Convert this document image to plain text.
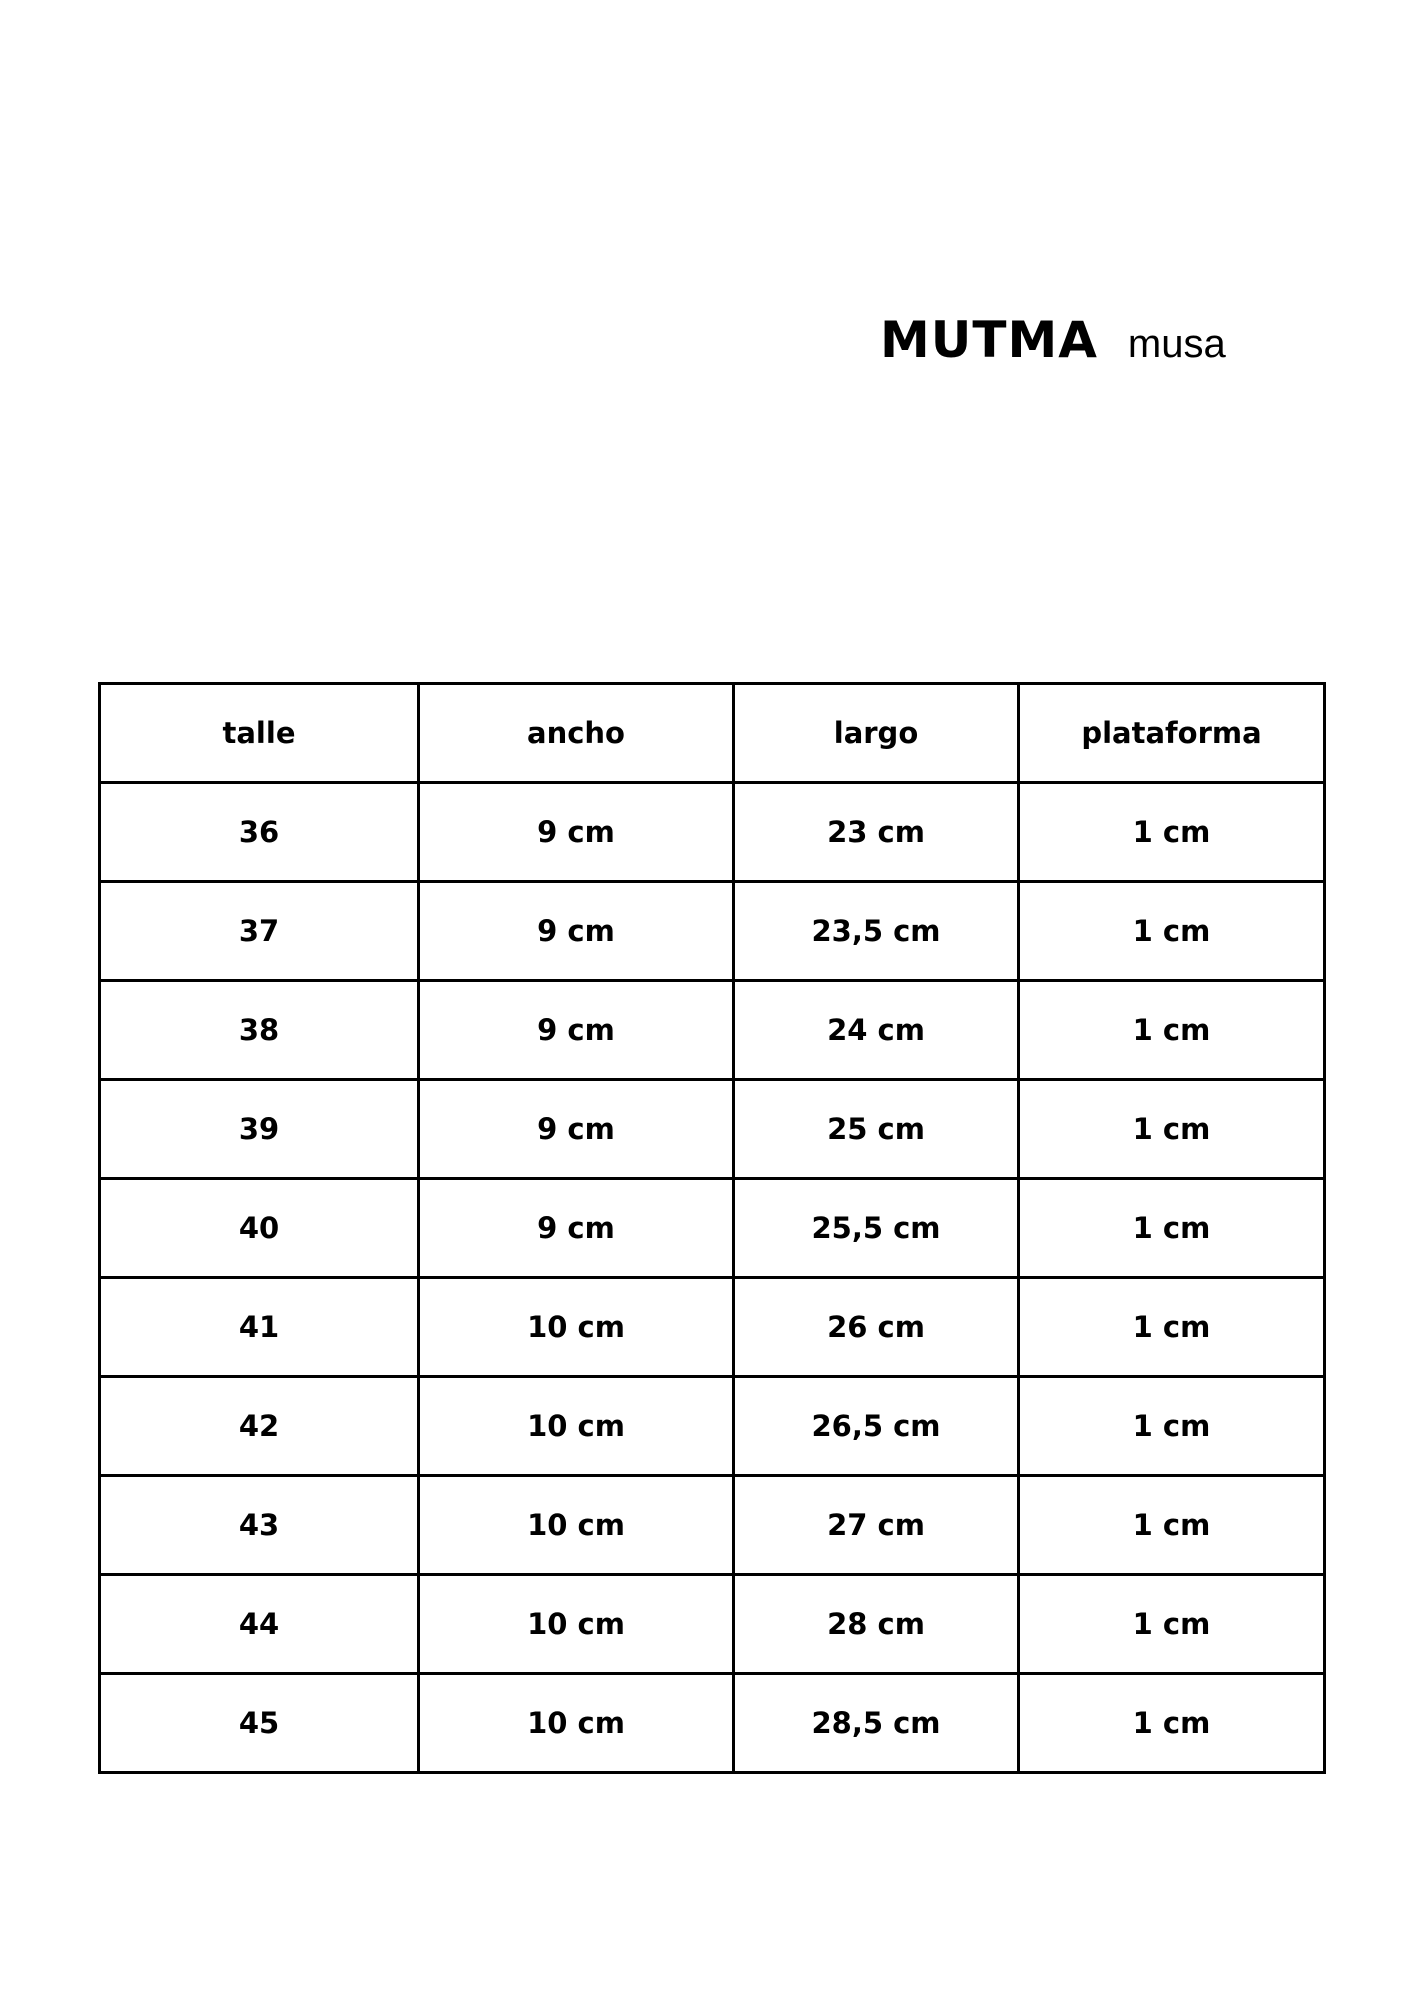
MUTMA musa
talle	ancho	largo	plataforma
36	9 cm	23 cm	1 cm
37	9 cm	23,5 cm	1 cm
38	9 cm	24 cm	1 cm
39	9 cm	25 cm	1 cm
40	9 cm	25,5 cm	1 cm
41	10 cm	26 cm	1 cm
42	10 cm	26,5 cm	1 cm
43	10 cm	27 cm	1 cm
44	10 cm	28 cm	1 cm
45	10 cm	28,5 cm	1 cm
